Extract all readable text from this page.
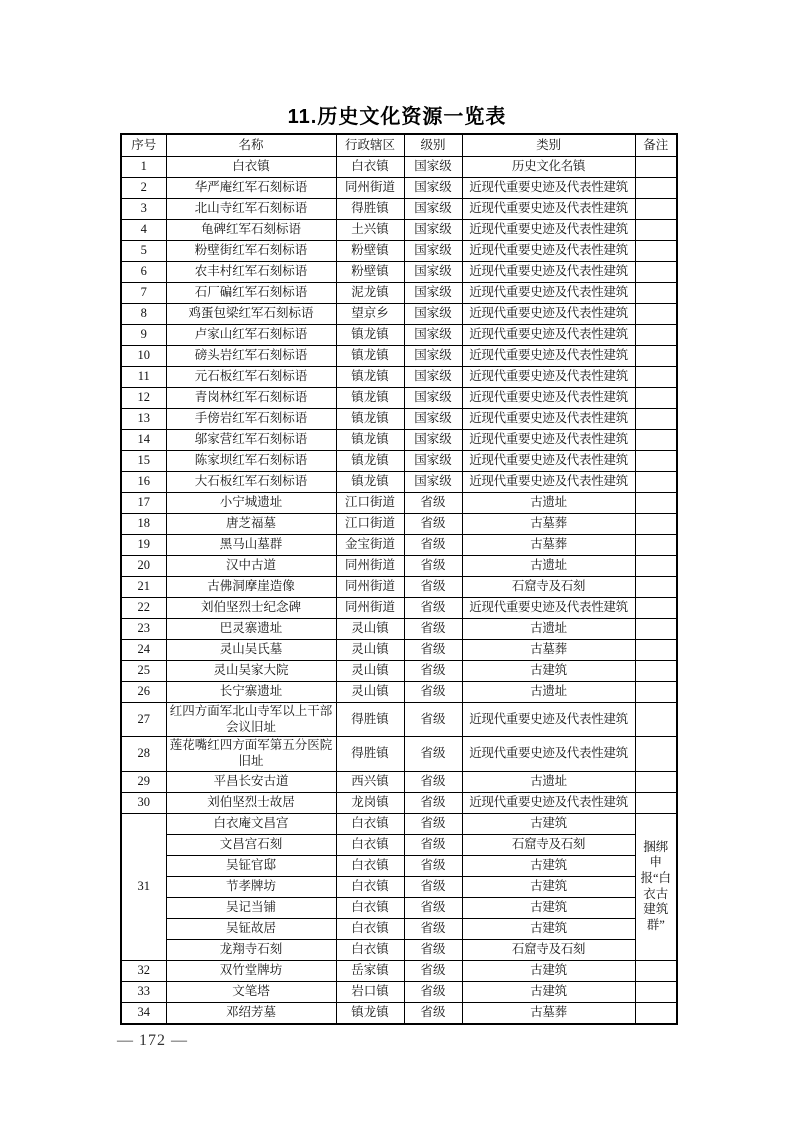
11.历史文化资源一览表
序号	名称	行政辖区	级别	类别	备注
1	白衣镇	白衣镇	国家级	历史文化名镇	
2	华严庵红军石刻标语	同州街道	国家级	近现代重要史迹及代表性建筑	
3	北山寺红军石刻标语	得胜镇	国家级	近现代重要史迹及代表性建筑	
4	龟碑红军石刻标语	土兴镇	国家级	近现代重要史迹及代表性建筑	
5	粉壁街红军石刻标语	粉壁镇	国家级	近现代重要史迹及代表性建筑	
6	农丰村红军石刻标语	粉壁镇	国家级	近现代重要史迹及代表性建筑	
7	石厂碥红军石刻标语	泥龙镇	国家级	近现代重要史迹及代表性建筑	
8	鸡蛋包梁红军石刻标语	望京乡	国家级	近现代重要史迹及代表性建筑	
9	卢家山红军石刻标语	镇龙镇	国家级	近现代重要史迹及代表性建筑	
10	磅头岩红军石刻标语	镇龙镇	国家级	近现代重要史迹及代表性建筑	
11	元石板红军石刻标语	镇龙镇	国家级	近现代重要史迹及代表性建筑	
12	青岗林红军石刻标语	镇龙镇	国家级	近现代重要史迹及代表性建筑	
13	手傍岩红军石刻标语	镇龙镇	国家级	近现代重要史迹及代表性建筑	
14	邬家营红军石刻标语	镇龙镇	国家级	近现代重要史迹及代表性建筑	
15	陈家坝红军石刻标语	镇龙镇	国家级	近现代重要史迹及代表性建筑	
16	大石板红军石刻标语	镇龙镇	国家级	近现代重要史迹及代表性建筑	
17	小宁城遗址	江口街道	省级	古遗址	
18	唐芝福墓	江口街道	省级	古墓葬	
19	黑马山墓群	金宝街道	省级	古墓葬	
20	汉中古道	同州街道	省级	古遗址	
21	古佛洞摩崖造像	同州街道	省级	石窟寺及石刻	
22	刘伯坚烈士纪念碑	同州街道	省级	近现代重要史迹及代表性建筑	
23	巴灵寨遗址	灵山镇	省级	古遗址	
24	灵山吴氏墓	灵山镇	省级	古墓葬	
25	灵山吴家大院	灵山镇	省级	古建筑	
26	长宁寨遗址	灵山镇	省级	古遗址	
27	红四方面军北山寺军以上干部会议旧址	得胜镇	省级	近现代重要史迹及代表性建筑	
28	莲花嘴红四方面军第五分医院旧址	得胜镇	省级	近现代重要史迹及代表性建筑	
29	平昌长安古道	西兴镇	省级	古遗址	
30	刘伯坚烈士故居	龙岗镇	省级	近现代重要史迹及代表性建筑	
31	白衣庵文昌宫	白衣镇	省级	古建筑	捆绑申报“白衣古建筑群”
	文昌宫石刻	白衣镇	省级	石窟寺及石刻	
	吴钲官邸	白衣镇	省级	古建筑	
	节孝牌坊	白衣镇	省级	古建筑	
	吴记当铺	白衣镇	省级	古建筑	
	吴钲故居	白衣镇	省级	古建筑	
	龙翔寺石刻	白衣镇	省级	石窟寺及石刻	
32	双竹堂牌坊	岳家镇	省级	古建筑	
33	文笔塔	岩口镇	省级	古建筑	
34	邓绍芳墓	镇龙镇	省级	古墓葬	
— 172 —
